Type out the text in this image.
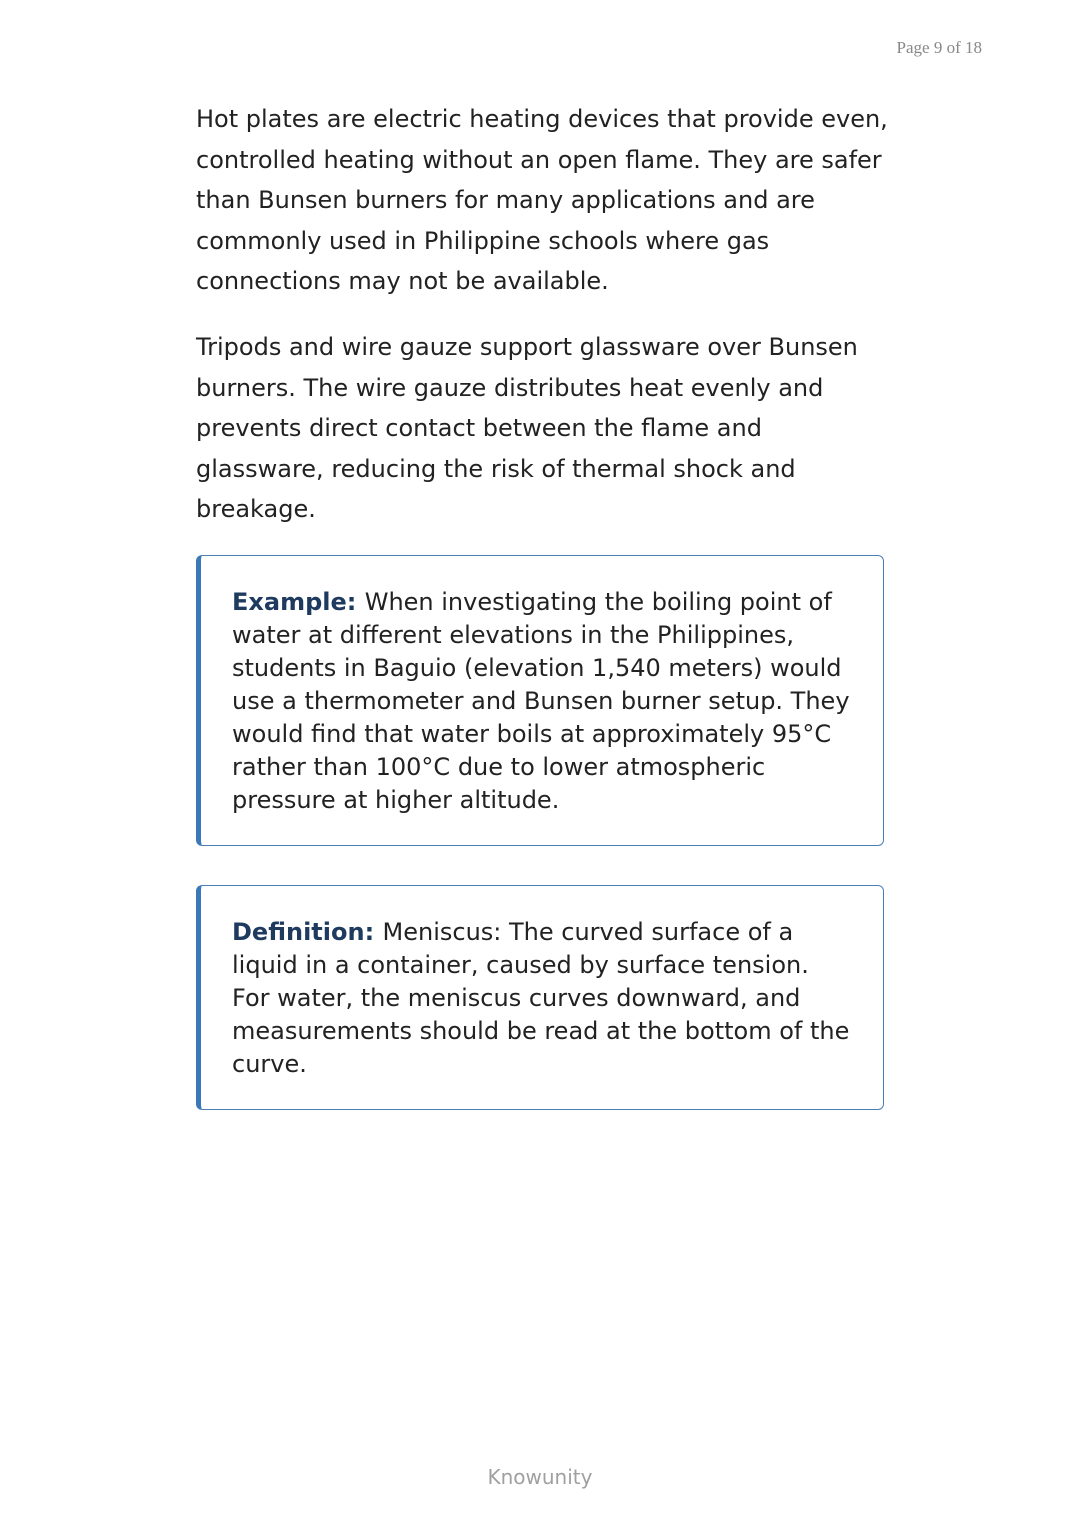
Page 9 of 18

Hot plates are electric heating devices that provide even, controlled heating without an open flame. They are safer than Bunsen burners for many applications and are commonly used in Philippine schools where gas connections may not be available.

Tripods and wire gauze support glassware over Bunsen burners. The wire gauze distributes heat evenly and prevents direct contact between the flame and glassware, reducing the risk of thermal shock and breakage.

Example: When investigating the boiling point of water at different elevations in the Philippines, students in Baguio (elevation 1,540 meters) would use a thermometer and Bunsen burner setup. They would find that water boils at approximately 95°C rather than 100°C due to lower atmospheric pressure at higher altitude.
Definition: Meniscus: The curved surface of a liquid in a container, caused by surface tension. For water, the meniscus curves downward, and measurements should be read at the bottom of the curve.
Knowunity
